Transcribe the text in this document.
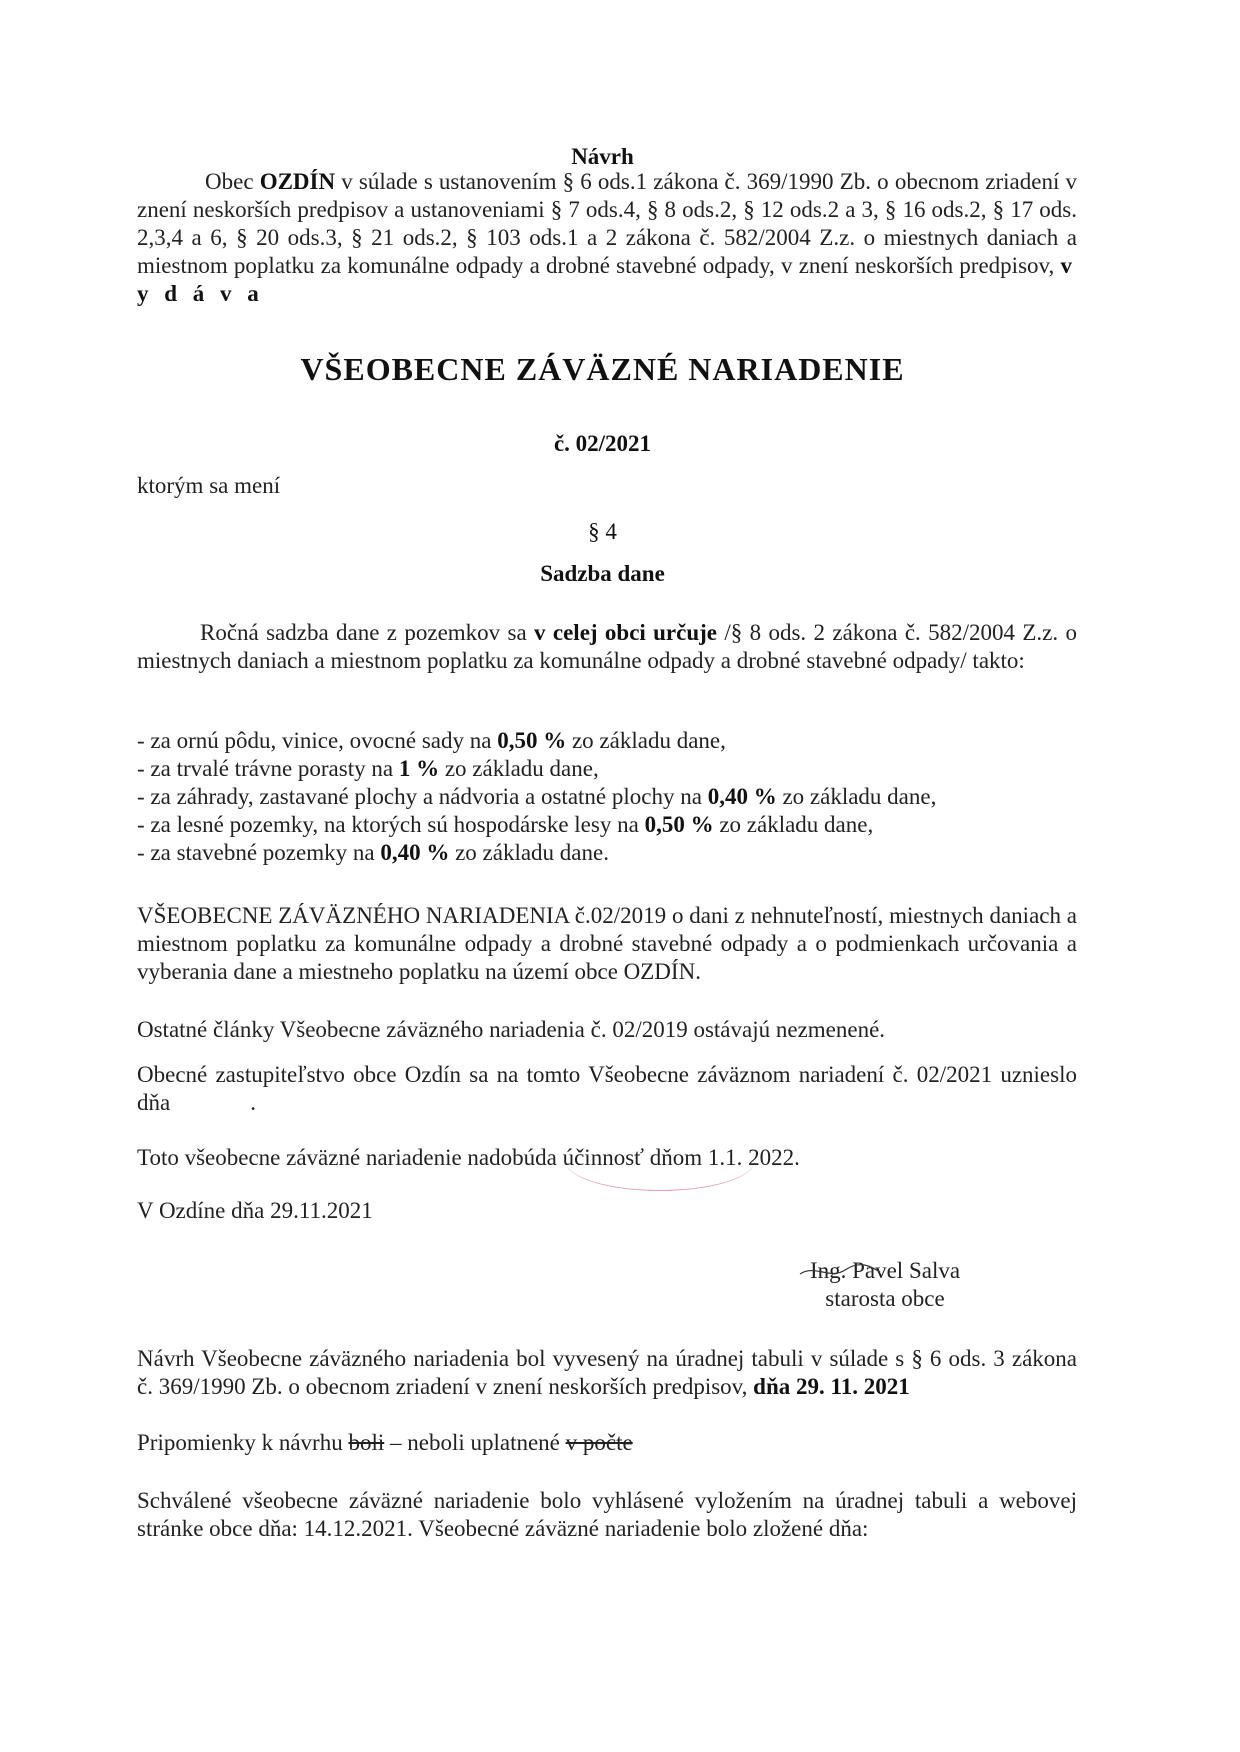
Návrh
Obec OZDÍN v súlade s ustanovením § 6 ods.1 zákona č. 369/1990 Zb. o obecnom zriadení v znení neskorších predpisov a ustanoveniami § 7 ods.4, § 8 ods.2, § 12 ods.2 a 3, § 16 ods.2, § 17 ods. 2,3,4 a 6, § 20 ods.3, § 21 ods.2, § 103 ods.1 a 2 zákona č. 582/2004 Z.z. o miestnych daniach a miestnom poplatku za komunálne odpady a drobné stavebné odpady, v znení neskorších predpisov, v y d á v a
VŠEOBECNE ZÁVÄZNÉ NARIADENIE
č. 02/2021
ktorým sa mení
§ 4
Sadzba dane
Ročná sadzba dane z pozemkov sa v celej obci určuje /§ 8 ods. 2 zákona č. 582/2004 Z.z. o miestnych daniach a miestnom poplatku za komunálne odpady a drobné stavebné odpady/ takto:
- za ornú pôdu, vinice, ovocné sady na 0,50 % zo základu dane,
- za trvalé trávne porasty na 1 % zo základu dane,
- za záhrady, zastavané plochy a nádvoria a ostatné plochy na 0,40 % zo základu dane,
- za lesné pozemky, na ktorých sú hospodárske lesy na 0,50 % zo základu dane,
- za stavebné pozemky na 0,40 % zo základu dane.
VŠEOBECNE ZÁVÄZNÉHO NARIADENIA č.02/2019 o dani z nehnuteľností, miestnych daniach a miestnom poplatku za komunálne odpady a drobné stavebné odpady a o podmienkach určovania a vyberania dane a miestneho poplatku na území obce OZDÍN.
Ostatné články Všeobecne záväzného nariadenia č. 02/2019 ostávajú nezmenené.
Obecné zastupiteľstvo obce Ozdín sa na tomto Všeobecne záväznom nariadení č. 02/2021 uznieslo dňa	.
Toto všeobecne záväzné nariadenie nadobúda účinnosť dňom 1.1. 2022.
V Ozdíne dňa 29.11.2021
Ing. Pavel Salva
starosta obce
Návrh Všeobecne záväzného nariadenia bol vyvesený na úradnej tabuli v súlade s § 6 ods. 3 zákona č. 369/1990 Zb. o obecnom zriadení v znení neskorších predpisov, dňa 29. 11. 2021
Pripomienky k návrhu boli – neboli uplatnené v počte
Schválené všeobecne záväzné nariadenie bolo vyhlásené vyložením na úradnej tabuli a webovej stránke obce dňa: 14.12.2021. Všeobecné záväzné nariadenie bolo zložené dňa:
